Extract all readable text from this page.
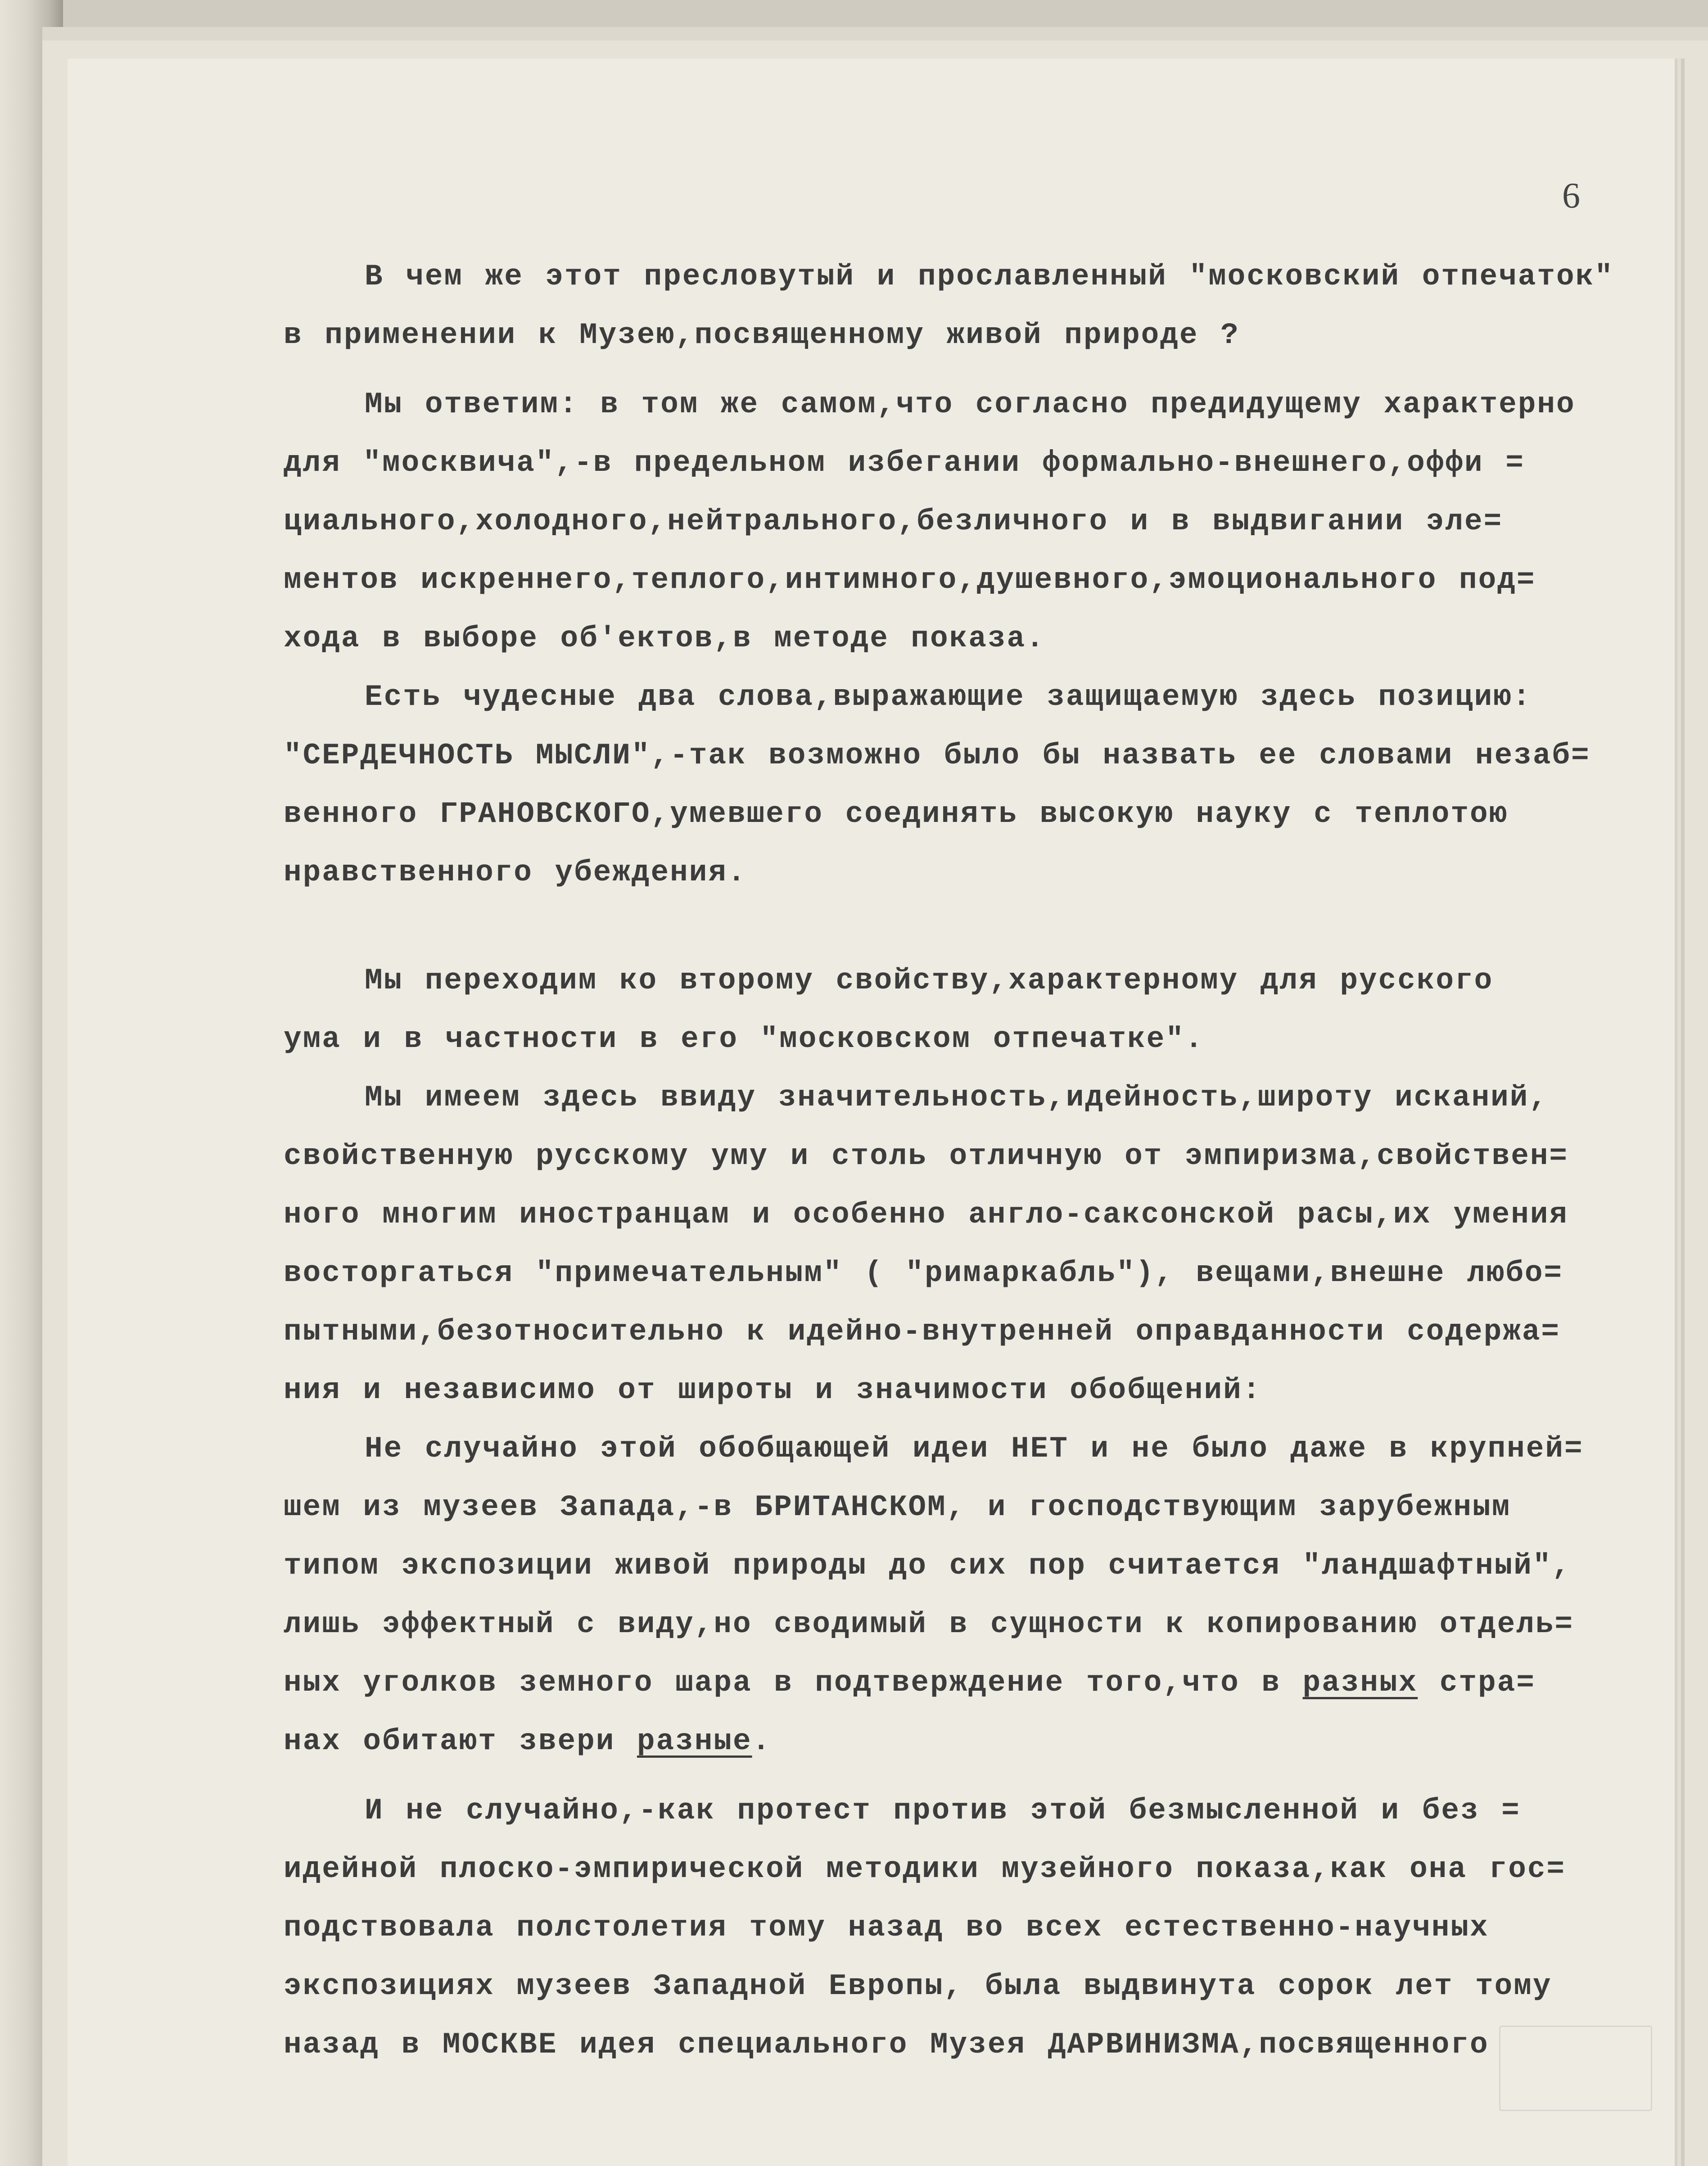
6
В чем же этот пресловутый и прославленный "московский отпечаток"
в применении к Музею,посвященному живой природе ?
Мы ответим: в том же самом,что согласно предидущему характерно
для "москвича",-в предельном избегании формально-внешнего,оффи =
циального,холодного,нейтрального,безличного и в выдвигании эле=
ментов искреннего,теплого,интимного,душевного,эмоционального под=
хода в выборе об'ектов,в методе показа.
Есть чудесные два слова,выражающие защищаемую здесь позицию:
"СЕРДЕЧНОСТЬ МЫСЛИ",-так возможно было бы назвать ее словами незаб=
венного ГРАНОВСКОГО,умевшего соединять высокую науку с теплотою
нравственного убеждения.
Мы переходим ко второму свойству,характерному для русского
ума и в частности в его "московском отпечатке".
Мы имеем здесь ввиду значительность,идейность,широту исканий,
свойственную русскому уму и столь отличную от эмпиризма,свойствен=
ного многим иностранцам и особенно англо-саксонской расы,их умения
восторгаться "примечательным" ( "римаркабль"), вещами,внешне любо=
пытными,безотносительно к идейно-внутренней оправданности содержа=
ния и независимо от широты и значимости обобщений:
Не случайно этой обобщающей идеи НЕТ и не было даже в крупней=
шем из музеев Запада,-в БРИТАНСКОМ, и господствующим зарубежным
типом экспозиции живой природы до сих пор считается "ландшафтный",
лишь эффектный с виду,но сводимый в сущности к копированию отдель=
ных уголков земного шара в подтверждение того,что в разных стра=
нах обитают звери разные.
И не случайно,-как протест против этой безмысленной и без =
идейной плоско-эмпирической методики музейного показа,как она гос=
подствовала полстолетия тому назад во всех естественно-научных
экспозициях музеев Западной Европы, была выдвинута сорок лет тому
назад в МОСКВЕ идея специального Музея ДАРВИНИЗМА,посвященного
